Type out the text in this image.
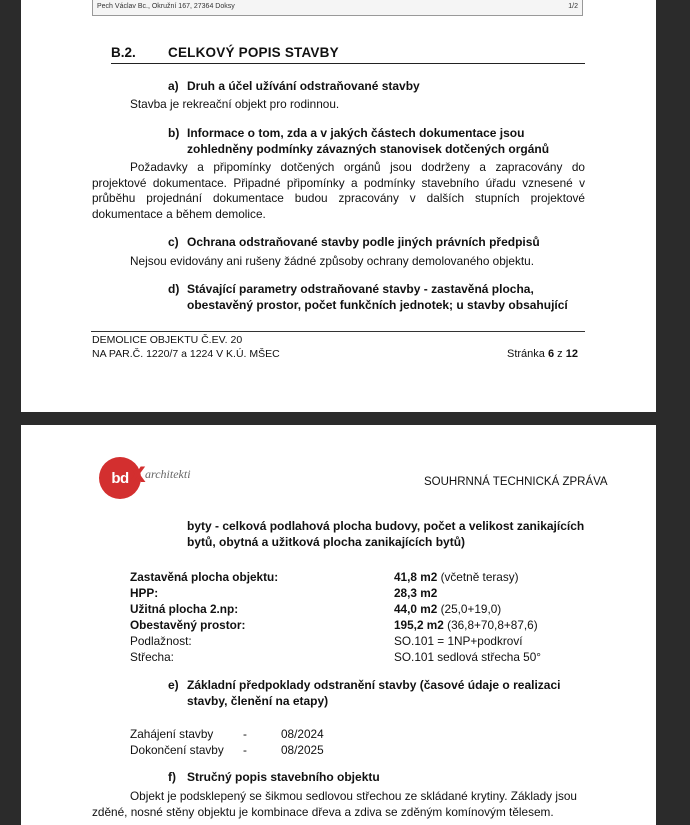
Pech Václav Bc., Okružní 167, 27364 Doksy	1/2
B.2. CELKOVÝ POPIS STAVBY
a) Druh a účel užívání odstraňované stavby
Stavba je rekreační objekt pro rodinnou.
b) Informace o tom, zda a v jakých částech dokumentace jsou
zohledněny podmínky závazných stanovisek dotčených orgánů
Požadavky a připomínky dotčených orgánů jsou dodrženy a zapracovány do projektové dokumentace. Připadné připomínky a podmínky stavebního úřadu vznesené v průběhu projednání dokumentace budou zpracovány v dalších stupních projektové dokumentace a během demolice.
c) Ochrana odstraňované stavby podle jiných právních předpisů
Nejsou evidovány ani rušeny žádné způsoby ochrany demolovaného objektu.
d) Stávající parametry odstraňované stavby - zastavěná plocha,
obestavěný prostor, počet funkčních jednotek; u stavby obsahující
DEMOLICE OBJEKTU Č.EV. 20
NA PAR.Č. 1220/7 a 1224 V K.Ú. MŠEC	Stránka 6 z 12
bd x architekti
SOUHRNNÁ TECHNICKÁ ZPRÁVA
byty - celková podlahová plocha budovy, počet a velikost zanikajících
bytů, obytná a užitková plocha zanikajících bytů)
Zastavěná plocha objektu:	41,8 m2 (včetně terasy)
HPP:	28,3 m2
Užitná plocha 2.np:	44,0 m2 (25,0+19,0)
Obestavěný prostor:	195,2 m2 (36,8+70,8+87,6)
Podlažnost:	SO.101 = 1NP+podkroví
Střecha:	SO.101 sedlová střecha 50°
e) Základní předpoklady odstranění stavby (časové údaje o realizaci
stavby, členění na etapy)
Zahájení stavby	-	08/2024
Dokončení stavby -	08/2025
f) Stručný popis stavebního objektu
Objekt je podsklepený se šikmou sedlovou střechou ze skládané krytiny. Základy jsou
zděné, nosné stěny objektu je kombinace dřeva a zdiva se zděným komínovým tělesem.
